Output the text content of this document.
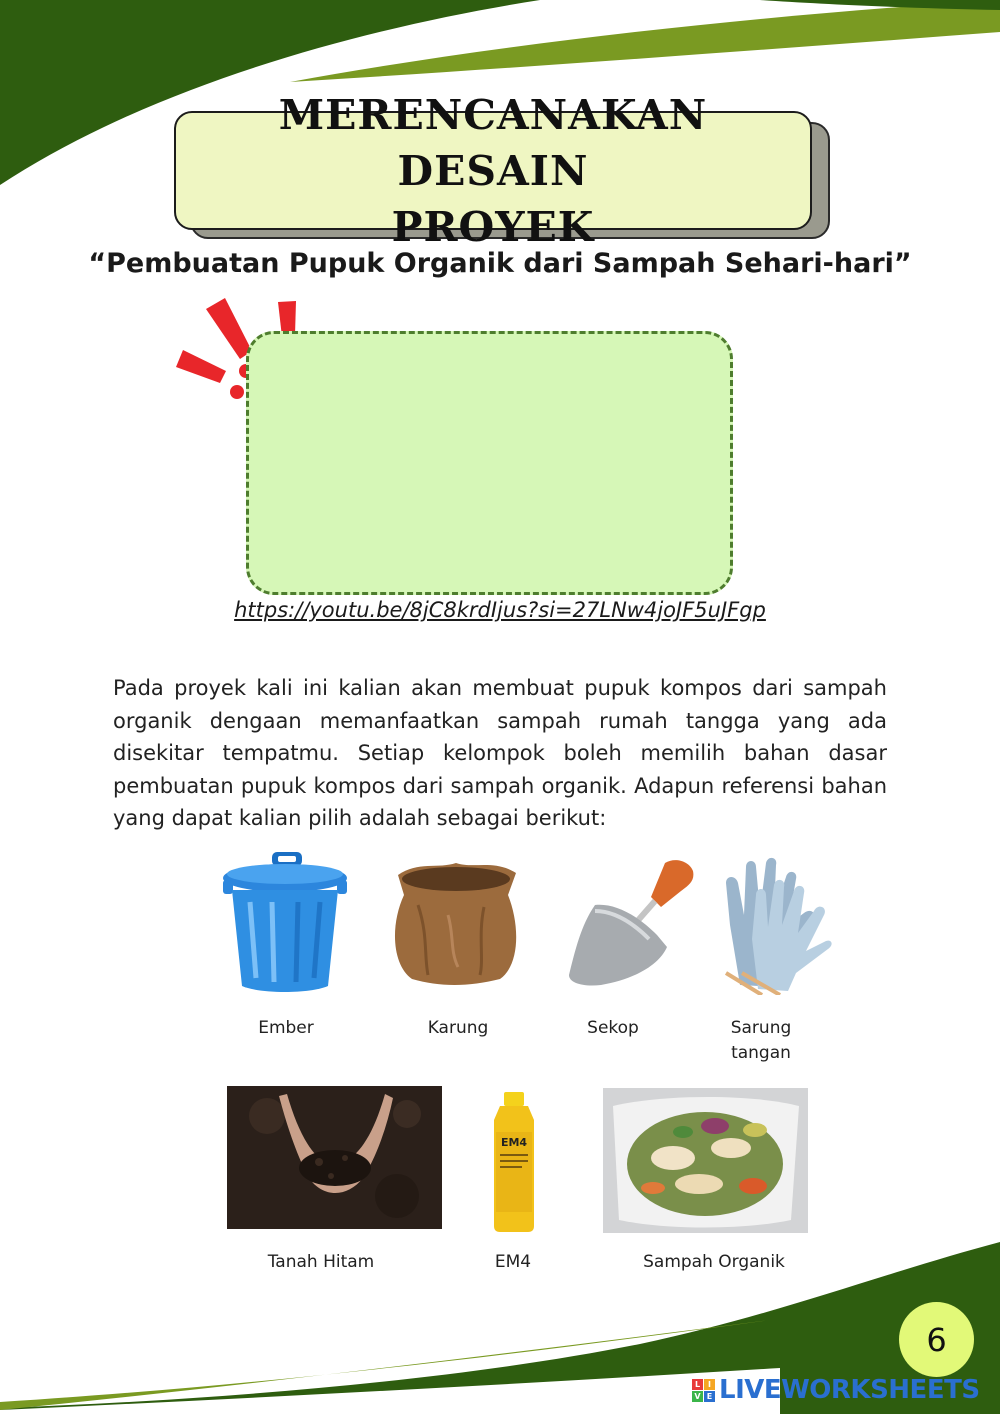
MERENCANAKAN DESAIN
PROYEK
“Pembuatan Pupuk Organik dari Sampah Sehari-hari”
https://youtu.be/8jC8krdIjus?si=27LNw4joJF5uJFgp
Pada proyek kali ini kalian akan membuat pupuk kompos dari sampah organik dengaan memanfaatkan sampah rumah tangga yang ada disekitar tempatmu. Setiap kelompok boleh memilih bahan dasar pembuatan pupuk kompos dari sampah organik. Adapun referensi bahan yang dapat kalian pilih adalah sebagai berikut:
Ember	Karung	Sekop	Sarung
tangan
EM4
Tanah Hitam	EM4	Sampah Organik
6
L I
V E LIVEWORKSHEETS
